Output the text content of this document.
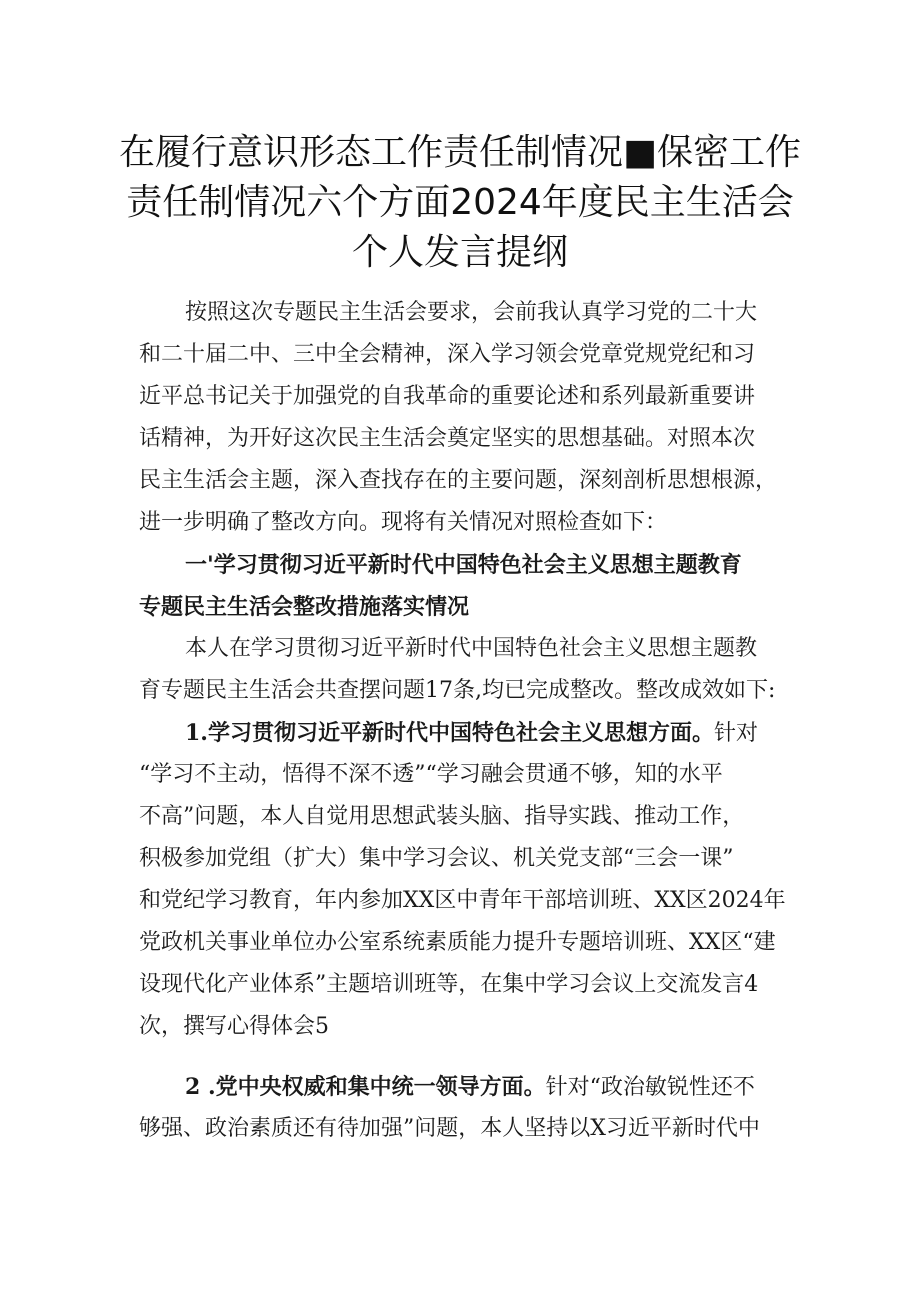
在履行意识形态工作责任制情况■保密工作
责任制情况六个方面2024年度民主生活会
个人发言提纲
按照这次专题民主生活会要求，会前我认真学习党的二十大
和二十届二中、三中全会精神，深入学习领会党章党规党纪和习
近平总书记关于加强党的自我革命的重要论述和系列最新重要讲
话精神，为开好这次民主生活会奠定坚实的思想基础。对照本次
民主生活会主题，深入查找存在的主要问题，深刻剖析思想根源，
进一步明确了整改方向。现将有关情况对照检查如下：
一'学习贯彻习近平新时代中国特色社会主义思想主题教育
专题民主生活会整改措施落实情况
本人在学习贯彻习近平新时代中国特色社会主义思想主题教
育专题民主生活会共查摆问题17条,均已完成整改。整改成效如下:
1.学习贯彻习近平新时代中国特色社会主义思想方面。针对
“学习不主动，悟得不深不透”“学习融会贯通不够，知的水平
不高”问题，本人自觉用思想武装头脑、指导实践、推动工作，
积极参加党组（扩大）集中学习会议、机关党支部“三会一课”
和党纪学习教育，年内参加XX区中青年干部培训班、XX区2024年
党政机关事业单位办公室系统素质能力提升专题培训班、XX区“建
设现代化产业体系”主题培训班等，在集中学习会议上交流发言4
次，撰写心得体会5
2 .党中央权威和集中统一领导方面。针对“政治敏锐性还不
够强、政治素质还有待加强”问题，本人坚持以X习近平新时代中
